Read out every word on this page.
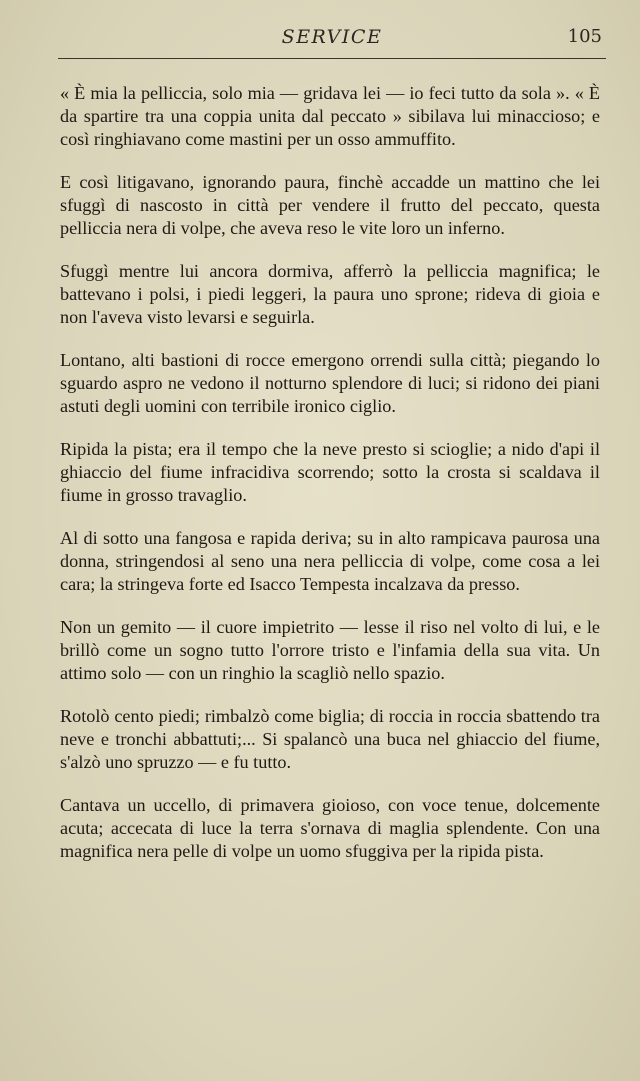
SERVICE	105

« È mia la pelliccia, solo mia — gridava lei — io feci tutto da sola ». « È da spartire tra una coppia unita dal peccato » sibilava lui minaccioso; e così ringhiavano come mastini per un osso ammuffito.

E così litigavano, ignorando paura, finchè accadde un mattino che lei sfuggì di nascosto in città per vendere il frutto del peccato, questa pelliccia nera di volpe, che aveva reso le vite loro un inferno.

Sfuggì mentre lui ancora dormiva, afferrò la pelliccia magnifica; le battevano i polsi, i piedi leggeri, la paura uno sprone; rideva di gioia e non l'aveva visto levarsi e seguirla.

Lontano, alti bastioni di rocce emergono orrendi sulla città; piegando lo sguardo aspro ne vedono il notturno splendore di luci; si ridono dei piani astuti degli uomini con terribile ironico ciglio.

Ripida la pista; era il tempo che la neve presto si scioglie; a nido d'api il ghiaccio del fiume infracidiva scorrendo; sotto la crosta si scaldava il fiume in grosso travaglio.

Al di sotto una fangosa e rapida deriva; su in alto rampicava paurosa una donna, stringendosi al seno una nera pelliccia di volpe, come cosa a lei cara; la stringeva forte ed Isacco Tempesta incalzava da presso.

Non un gemito — il cuore impietrito — lesse il riso nel volto di lui, e le brillò come un sogno tutto l'orrore tristo e l'infamia della sua vita. Un attimo solo — con un ringhio la scagliò nello spazio.

Rotolò cento piedi; rimbalzò come biglia; di roccia in roccia sbattendo tra neve e tronchi abbattuti;... Si spalancò una buca nel ghiaccio del fiume, s'alzò uno spruzzo — e fu tutto.

Cantava un uccello, di primavera gioioso, con voce tenue, dolcemente acuta; accecata di luce la terra s'ornava di maglia splendente. Con una magnifica nera pelle di volpe un uomo sfuggiva per la ripida pista.
